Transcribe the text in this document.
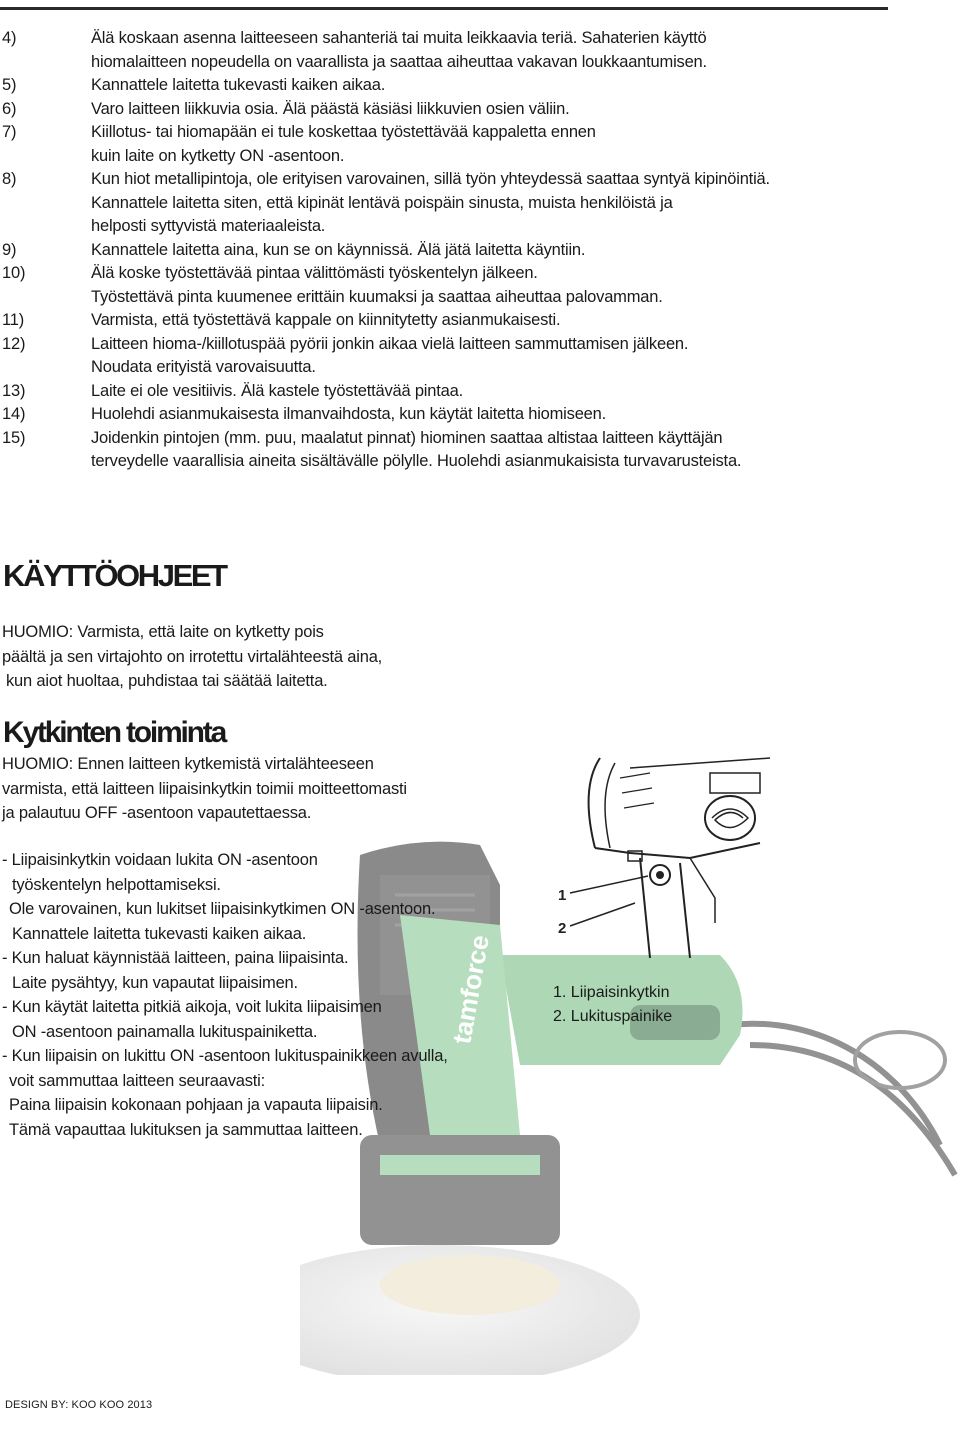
tamforce
1
2
4)	Älä koskaan asenna laitteeseen sahanteriä tai muita leikkaavia teriä. Sahaterien käyttö
hiomalaitteen nopeudella on vaarallista ja saattaa aiheuttaa vakavan loukkaantumisen.
5)	Kannattele laitetta tukevasti kaiken aikaa.
6)	Varo laitteen liikkuvia osia. Älä päästä käsiäsi liikkuvien osien väliin.
7)	Kiillotus- tai hiomapään ei tule koskettaa työstettävää kappaletta ennen
kuin laite on kytketty ON -asentoon.
8)	Kun hiot metallipintoja, ole erityisen varovainen, sillä työn yhteydessä saattaa syntyä kipinöintiä.
Kannattele laitetta siten, että kipinät lentävä poispäin sinusta, muista henkilöistä ja
helposti syttyvistä materiaaleista.
9)	Kannattele laitetta aina, kun se on käynnissä. Älä jätä laitetta käyntiin.
10)	Älä koske työstettävää pintaa välittömästi työskentelyn jälkeen.
Työstettävä pinta kuumenee erittäin kuumaksi ja saattaa aiheuttaa palovamman.
11)	Varmista, että työstettävä kappale on kiinnitytetty asianmukaisesti.
12)	Laitteen hioma-/kiillotuspää pyörii jonkin aikaa vielä laitteen sammuttamisen jälkeen.
Noudata erityistä varovaisuutta.
13)	Laite ei ole vesitiivis. Älä kastele työstettävää pintaa.
14)	Huolehdi asianmukaisesta ilmanvaihdosta, kun käytät laitetta hiomiseen.
15)	Joidenkin pintojen (mm. puu, maalatut pinnat) hiominen saattaa altistaa laitteen käyttäjän
terveydelle vaarallisia aineita sisältävälle pölylle. Huolehdi asianmukaisista turvavarusteista.
KÄYTTÖOHJEET
HUOMIO: Varmista, että laite on kytketty pois
päältä ja sen virtajohto on irrotettu virtalähteestä aina,
kun aiot huoltaa, puhdistaa tai säätää laitetta.
Kytkinten toiminta
HUOMIO: Ennen laitteen kytkemistä virtalähteeseen
varmista, että laitteen liipaisinkytkin toimii moitteettomasti
ja palautuu OFF -asentoon vapautettaessa.
- Liipaisinkytkin voidaan lukita ON -asentoon
työskentelyn helpottamiseksi.
Ole varovainen, kun lukitset liipaisinkytkimen ON -asentoon.
Kannattele laitetta tukevasti kaiken aikaa.
- Kun haluat käynnistää laitteen, paina liipaisinta.
Laite pysähtyy, kun vapautat liipaisimen.
- Kun käytät laitetta pitkiä aikoja, voit lukita liipaisimen
ON -asentoon painamalla lukituspainiketta.
- Kun liipaisin on lukittu ON -asentoon lukituspainikkeen avulla,
voit sammuttaa laitteen seuraavasti:
Paina liipaisin kokonaan pohjaan ja vapauta liipaisin.
Tämä vapauttaa lukituksen ja sammuttaa laitteen.
1. Liipaisinkytkin
2. Lukituspainike
DESIGN BY: KOO KOO 2013
